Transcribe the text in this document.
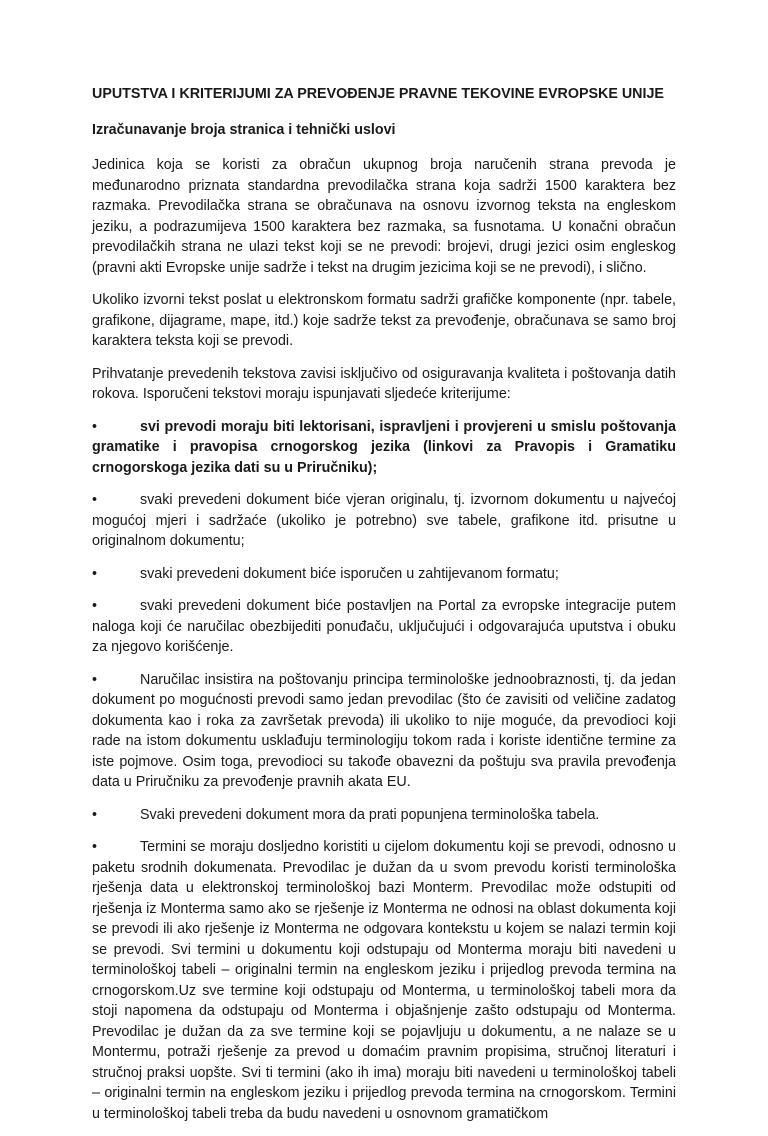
UPUTSTVA I KRITERIJUMI ZA PREVOĐENJE PRAVNE TEKOVINE EVROPSKE UNIJE
Izračunavanje broja stranica i tehnički uslovi

Jedinica koja se koristi za obračun ukupnog broja naručenih strana prevoda je međunarodno priznata standardna prevodilačka strana koja sadrži 1500 karaktera bez razmaka. Prevodilačka strana se obračunava na osnovu izvornog teksta na engleskom jeziku, a podrazumijeva 1500 karaktera bez razmaka, sa fusnotama. U konačni obračun prevodilačkih strana ne ulazi tekst koji se ne prevodi: brojevi, drugi jezici osim engleskog (pravni akti Evropske unije sadrže i tekst na drugim jezicima koji se ne prevodi), i slično.

Ukoliko izvorni tekst poslat u elektronskom formatu sadrži grafičke komponente (npr. tabele, grafikone, dijagrame, mape, itd.) koje sadrže tekst za prevođenje, obračunava se samo broj karaktera teksta koji se prevodi.

Prihvatanje prevedenih tekstova zavisi isključivo od osiguravanja kvaliteta i poštovanja datih rokova. Isporučeni tekstovi moraju ispunjavati sljedeće kriterijume:

•	svi prevodi moraju biti lektorisani, ispravljeni i provjereni u smislu poštovanja gramatike i pravopisa crnogorskog jezika (linkovi za Pravopis i Gramatiku crnogorskoga jezika dati su u Priručniku);
•	svaki prevedeni dokument biće vjeran originalu, tj. izvornom dokumentu u najvećoj mogućoj mjeri i sadržaće (ukoliko je potrebno) sve tabele, grafikone itd. prisutne u originalnom dokumentu;
•	svaki prevedeni dokument biće isporučen u zahtijevanom formatu;
•	svaki prevedeni dokument biće postavljen na Portal za evropske integracije putem naloga koji će naručilac obezbijediti ponuđaču, uključujući i odgovarajuća uputstva i obuku za njegovo korišćenje.
•	Naručilac insistira na poštovanju principa terminološke jednoobraznosti, tj. da jedan dokument po mogućnosti prevodi samo jedan prevodilac (što će zavisiti od veličine zadatog dokumenta kao i roka za završetak prevoda) ili ukoliko to nije moguće, da prevodioci koji rade na istom dokumentu usklađuju terminologiju tokom rada i koriste identične termine za iste pojmove. Osim toga, prevodioci su takođe obavezni da poštuju sva pravila prevođenja data u Priručniku za prevođenje pravnih akata EU.
•	Svaki prevedeni dokument mora da prati popunjena terminološka tabela.
•	Termini se moraju dosljedno koristiti u cijelom dokumentu koji se prevodi, odnosno u paketu srodnih dokumenata. Prevodilac je dužan da u svom prevodu koristi terminološka rješenja data u elektronskoj terminološkoj bazi Monterm. Prevodilac može odstupiti od rješenja iz Monterma samo ako se rješenje iz Monterma ne odnosi na oblast dokumenta koji se prevodi ili ako rješenje iz Monterma ne odgovara kontekstu u kojem se nalazi termin koji se prevodi. Svi termini u dokumentu koji odstupaju od Monterma moraju biti navedeni u terminološkoj tabeli – originalni termin na engleskom jeziku i prijedlog prevoda termina na crnogorskom.Uz sve termine koji odstupaju od Monterma, u terminološkoj tabeli mora da stoji napomena da odstupaju od Monterma i objašnjenje zašto odstupaju od Monterma. Prevodilac je dužan da za sve termine koji se pojavljuju u dokumentu, a ne nalaze se u Montermu, potraži rješenje za prevod u domaćim pravnim propisima, stručnoj literaturi i stručnoj praksi uopšte. Svi ti termini (ako ih ima) moraju biti navedeni u terminološkoj tabeli – originalni termin na engleskom jeziku i prijedlog prevoda termina na crnogorskom. Termini u terminološkoj tabeli treba da budu navedeni u osnovnom gramatičkom
